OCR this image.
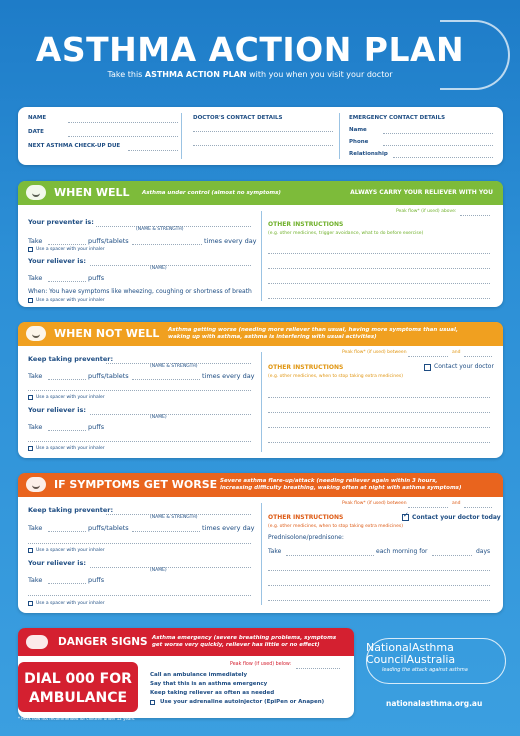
ASTHMA ACTION PLAN
Take this ASTHMA ACTION PLAN with you when you visit your doctor
NAME
DATE
NEXT ASTHMA CHECK-UP DUE
DOCTOR'S CONTACT DETAILS	EMERGENCY CONTACT DETAILS
Name
Phone
Relationship
WHEN WELL Asthma under control (almost no symptoms)	ALWAYS CARRY YOUR RELIEVER WITH YOU
Peak flow* (if used) above:
Your preventer is:
(NAME & STRENGTH)
Take	puffs/tablets	times every day
Use a spacer with your inhaler
Your reliever is:
(NAME)
Take	puffs
When: You have symptoms like wheezing, coughing or shortness of breath
Use a spacer with your inhaler
OTHER INSTRUCTIONS
(e.g. other medicines, trigger avoidance, what to do before exercise)
WHEN NOT WELL Asthma getting worse (needing more reliever than usual, having more symptoms than usual,
waking up with asthma, asthma is interfering with usual activities)
Peak flow* (if used) between	and
Keep taking preventer:
(NAME & STRENGTH)
Take	puffs/tablets	times every day
Use a spacer with your inhaler
Your reliever is:
(NAME)
Take	puffs
Use a spacer with your inhaler
OTHER INSTRUCTIONS
(e.g. other medicines, when to stop taking extra medicines)
Contact your doctor
IF SYMPTOMS GET WORSE Severe asthma flare-up/attack (needing reliever again within 3 hours,
increasing difficulty breathing, waking often at night with asthma symptoms)
Peak flow* (if used) between	and
Keep taking preventer:
(NAME & STRENGTH)
Take	puffs/tablets	times every day
Use a spacer with your inhaler
Your reliever is:
(NAME)
Take	puffs
Use a spacer with your inhaler
OTHER INSTRUCTIONS
(e.g. other medicines, when to stop taking extra medicines)
✓ Contact your doctor today
Prednisolone/prednisone:
Take	each morning for	days
DANGER SIGNS Asthma emergency (severe breathing problems, symptoms
get worse very quickly, reliever has little or no effect)
DIAL 000 FOR
AMBULANCE
Peak flow (if used) below:
Call an ambulance immediately
Say that this is an asthma emergency
Keep taking reliever as often as needed
Use your adrenaline autoinjector (EpiPen or Anapen)
NationalAsthma
CouncilAustralia
leading the attack against asthma
nationalasthma.org.au
* Peak flow not recommended for children under 12 years.
